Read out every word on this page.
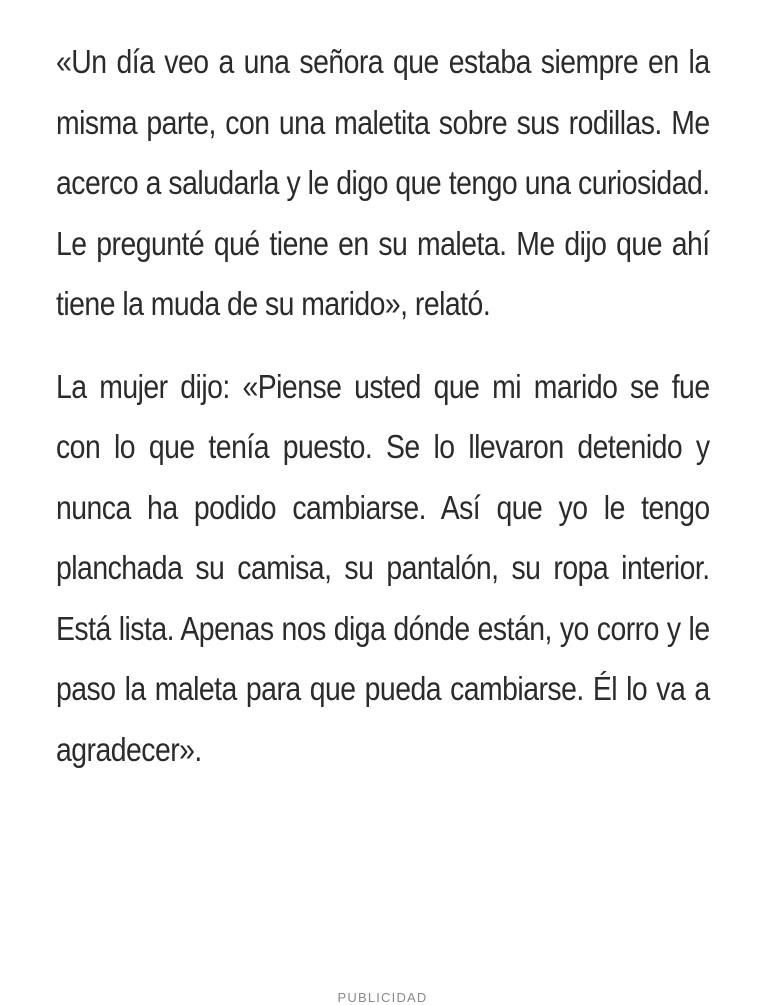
«Un día veo a una señora que estaba siempre en la misma parte, con una maletita sobre sus rodillas. Me acerco a saludarla y le digo que tengo una curiosidad. Le pregunté qué tiene en su maleta. Me dijo que ahí tiene la muda de su marido», relató.

La mujer dijo: «Piense usted que mi marido se fue con lo que tenía puesto. Se lo llevaron detenido y nunca ha podido cambiarse. Así que yo le tengo planchada su camisa, su pantalón, su ropa interior. Está lista. Apenas nos diga dónde están, yo corro y le paso la maleta para que pueda cambiarse. Él lo va a agradecer».

PUBLICIDAD
